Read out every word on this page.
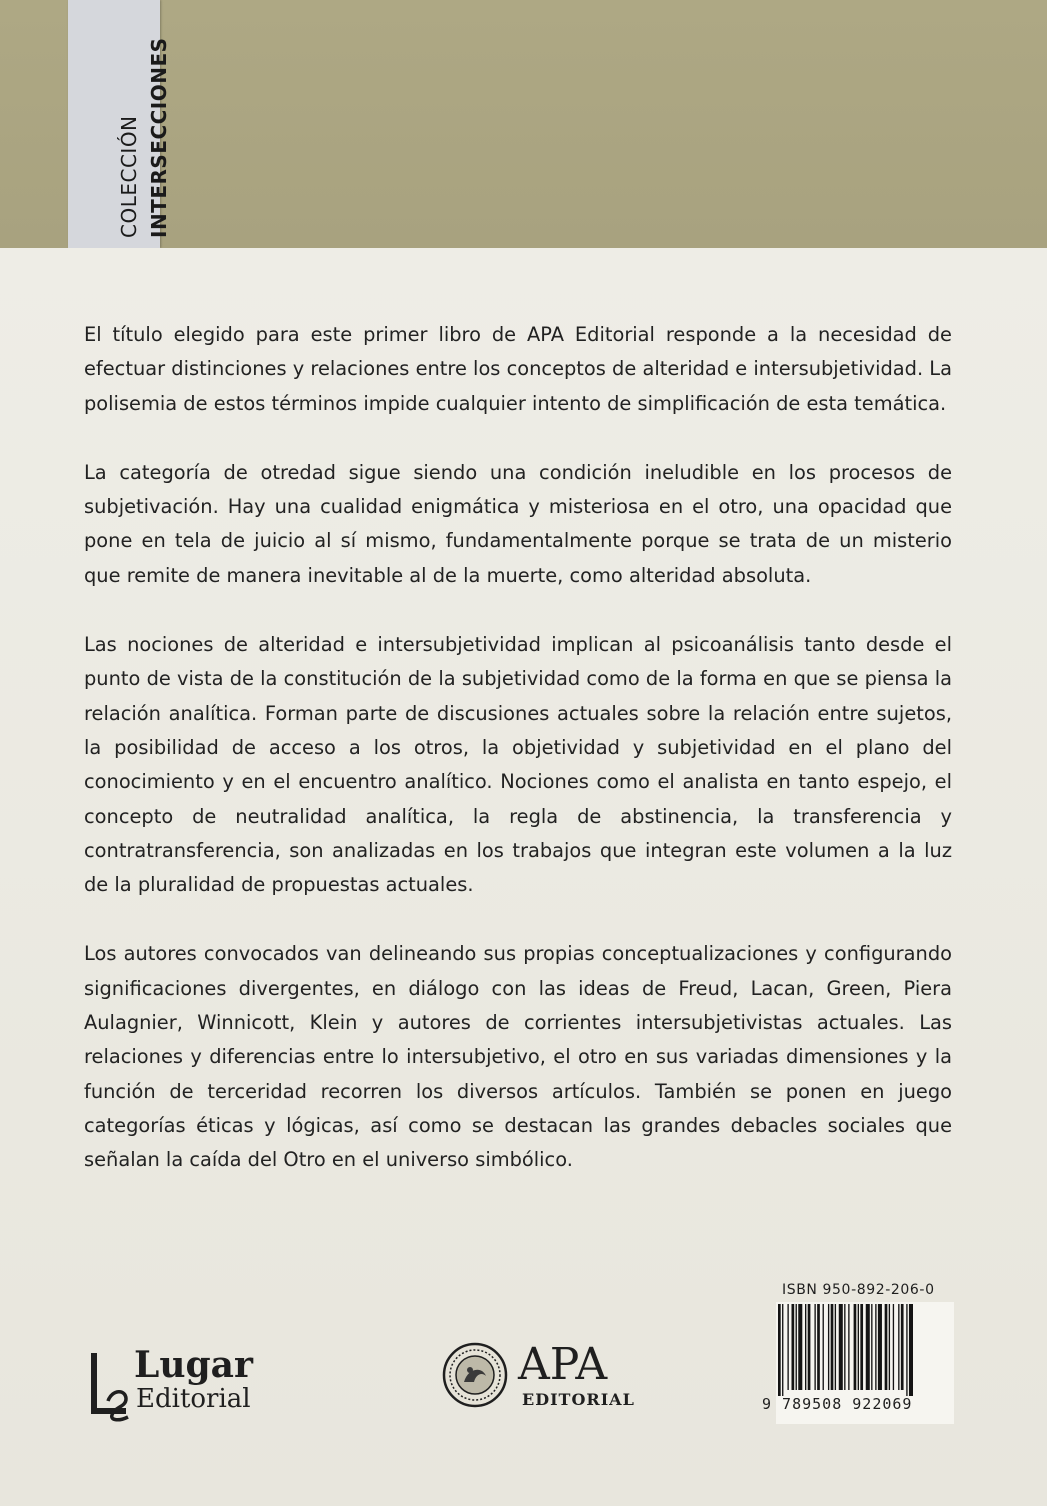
COLECCIÓN INTERSECCIONES

El título elegido para este primer libro de APA Editorial responde a la necesidad de efectuar distinciones y relaciones entre los conceptos de alteridad e intersubjetividad. La polisemia de estos términos impide cualquier intento de simplificación de esta temática.

La categoría de otredad sigue siendo una condición ineludible en los procesos de subjetivación. Hay una cualidad enigmática y misteriosa en el otro, una opacidad que pone en tela de juicio al sí mismo, fundamentalmente porque se trata de un misterio que remite de manera inevitable al de la muerte, como alteridad absoluta.

Las nociones de alteridad e intersubjetividad implican al psicoanálisis tanto desde el punto de vista de la constitución de la subjetividad como de la forma en que se piensa la relación analítica. Forman parte de discusiones actuales sobre la relación entre sujetos, la posibilidad de acceso a los otros, la objetividad y subjetividad en el plano del conocimiento y en el encuentro analítico. Nociones como el analista en tanto espejo, el concepto de neutralidad analítica, la regla de abstinencia, la transferencia y contratransferencia, son analizadas en los trabajos que integran este volumen a la luz de la pluralidad de propuestas actuales.

Los autores convocados van delineando sus propias conceptualizaciones y configurando significaciones divergentes, en diálogo con las ideas de Freud, Lacan, Green, Piera Aulagnier, Winnicott, Klein y autores de corrientes intersubjetivistas actuales. Las relaciones y diferencias entre lo intersubjetivo, el otro en sus variadas dimensiones y la función de terceridad recorren los diversos artículos. También se ponen en juego categorías éticas y lógicas, así como se destacan las grandes debacles sociales que señalan la caída del Otro en el universo simbólico.

Lugar
Editorial
APA
EDITORIAL
ISBN 950-892-206-0
9 789508 922069
